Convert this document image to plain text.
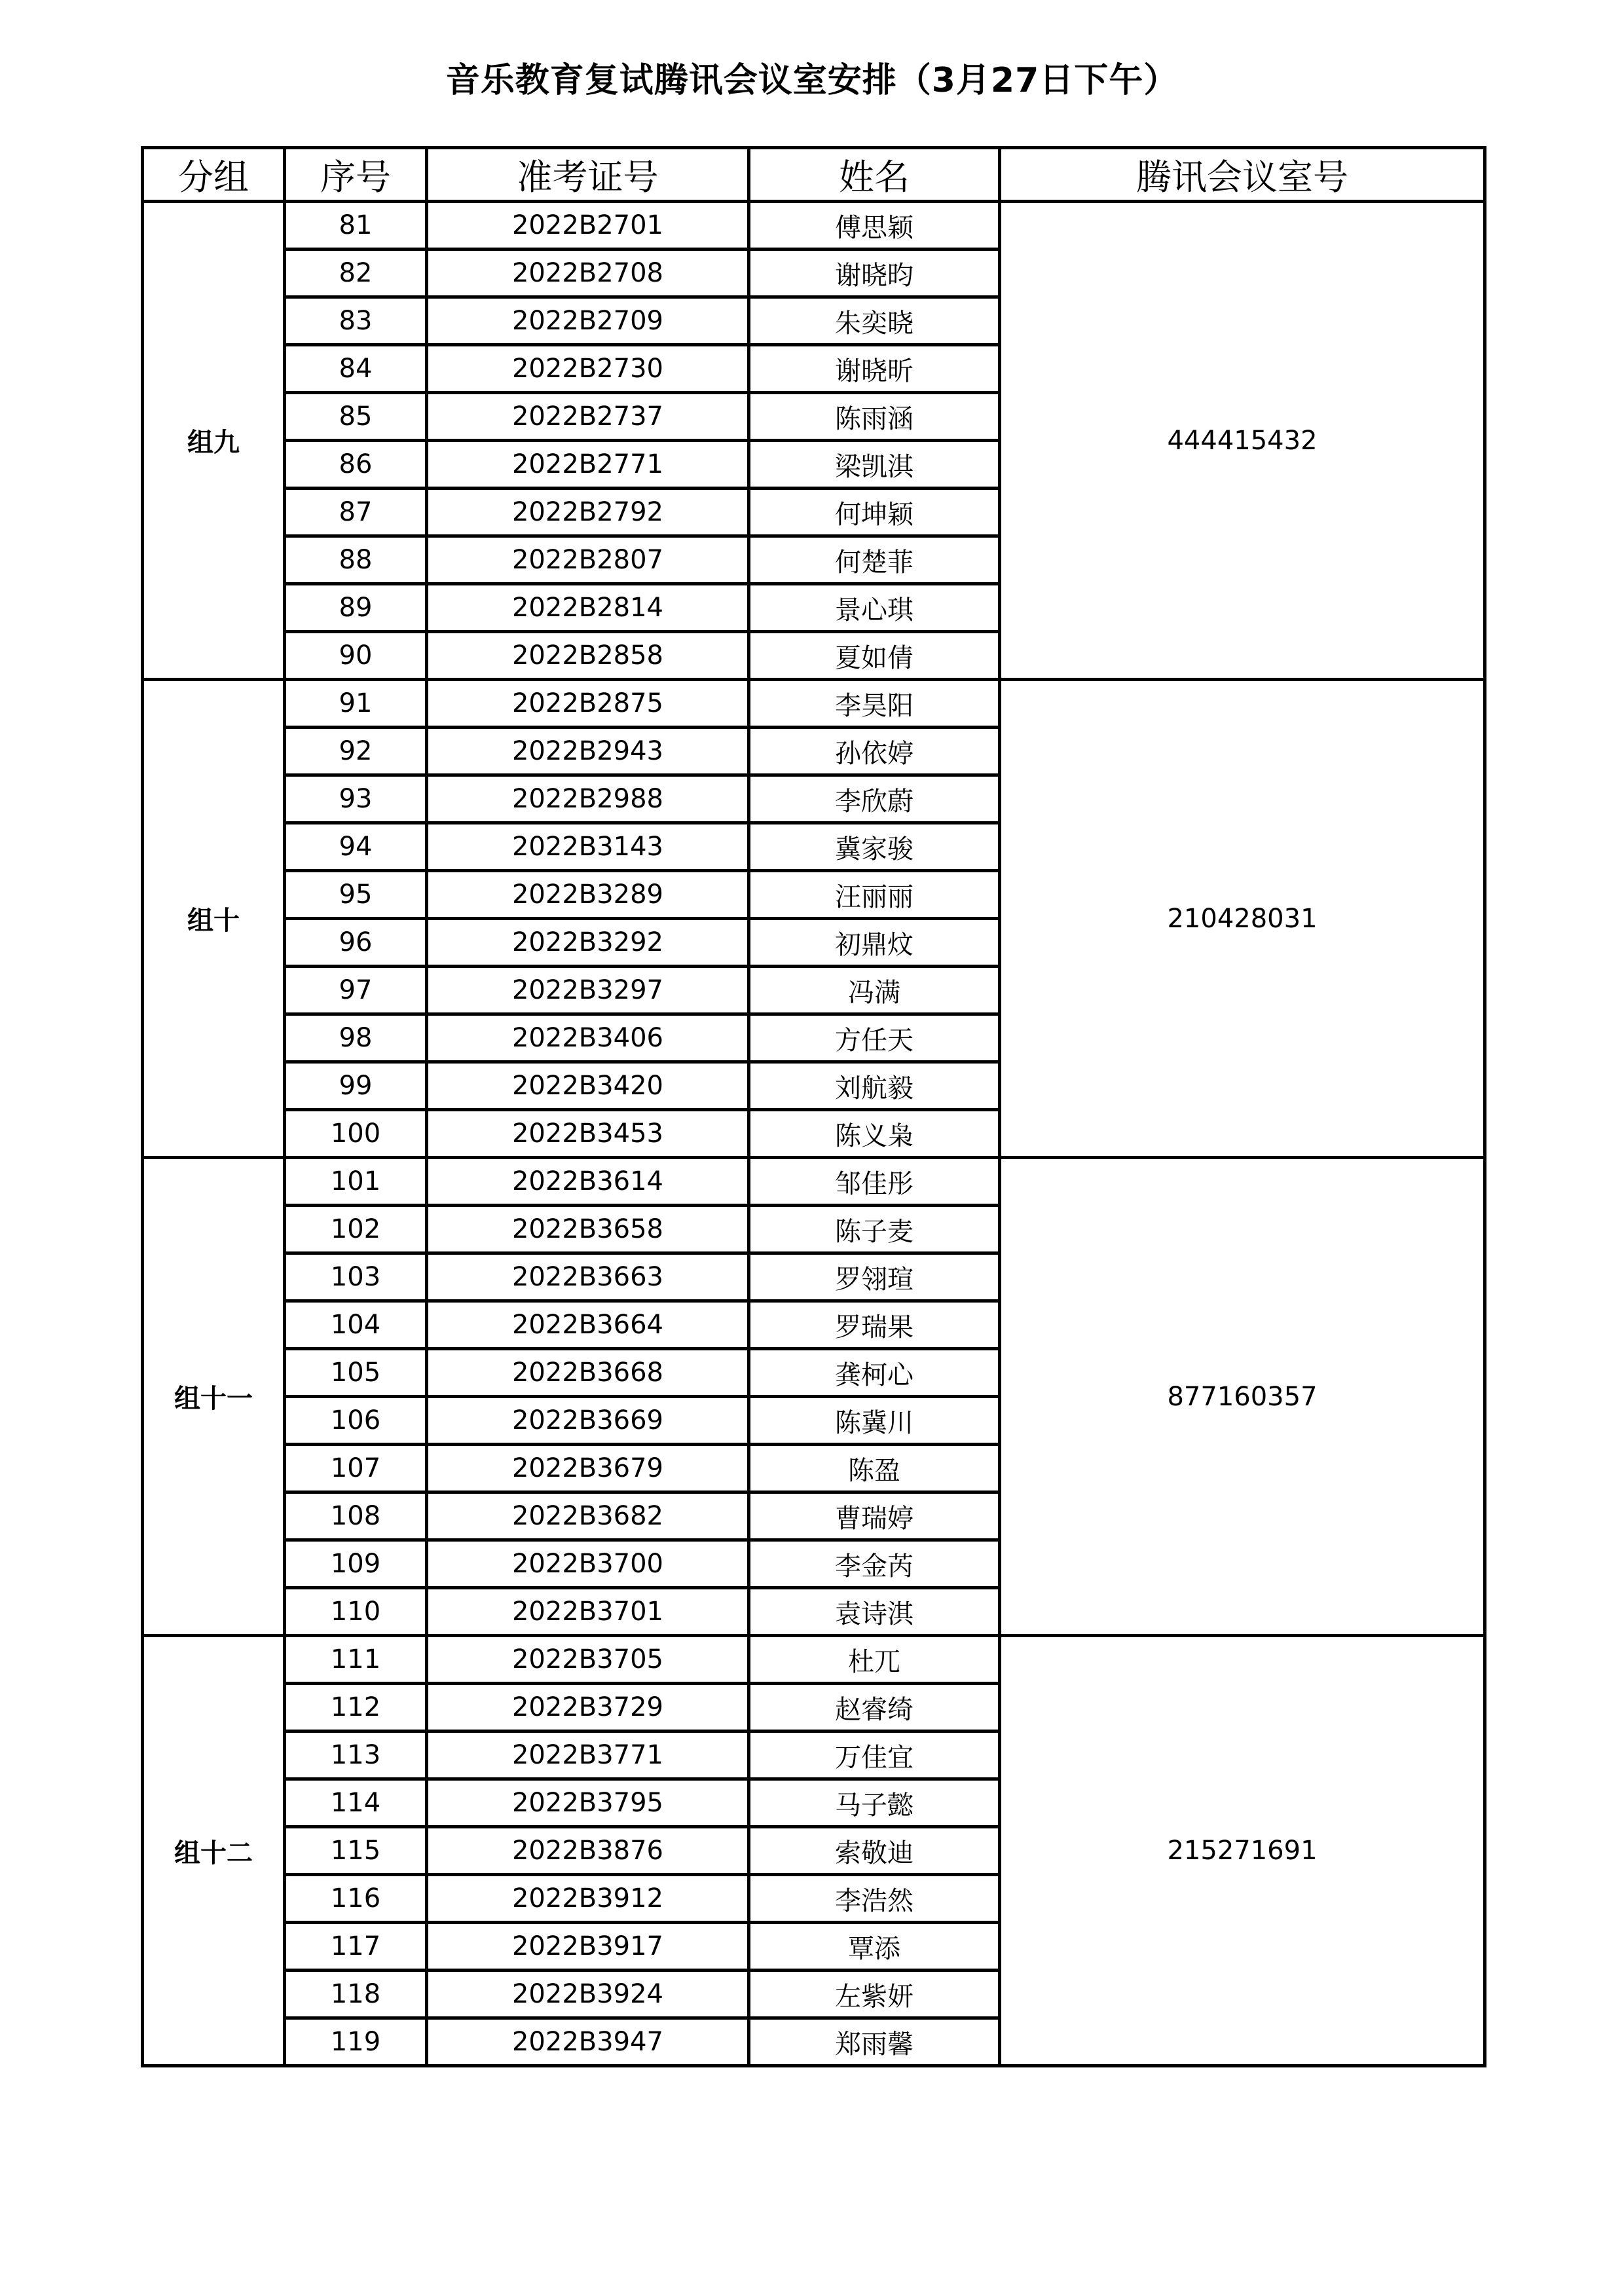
音乐教育复试腾讯会议室安排（3月27日下午）
分组	序号	准考证号	姓名	腾讯会议室号
组九	81	2022B2701	傅思颖	444415432
	82	2022B2708	谢晓昀	
	83	2022B2709	朱奕晓	
	84	2022B2730	谢晓昕	
	85	2022B2737	陈雨涵	
	86	2022B2771	梁凯淇	
	87	2022B2792	何坤颖	
	88	2022B2807	何楚菲	
	89	2022B2814	景心琪	
	90	2022B2858	夏如倩	
组十	91	2022B2875	李昊阳	210428031
	92	2022B2943	孙依婷	
	93	2022B2988	李欣蔚	
	94	2022B3143	冀家骏	
	95	2022B3289	汪丽丽	
	96	2022B3292	初鼎炆	
	97	2022B3297	冯满	
	98	2022B3406	方任天	
	99	2022B3420	刘航毅	
	100	2022B3453	陈义枭	
组十一	101	2022B3614	邹佳彤	877160357
	102	2022B3658	陈子麦	
	103	2022B3663	罗翎瑄	
	104	2022B3664	罗瑞果	
	105	2022B3668	龚柯心	
	106	2022B3669	陈冀川	
	107	2022B3679	陈盈	
	108	2022B3682	曹瑞婷	
	109	2022B3700	李金芮	
	110	2022B3701	袁诗淇	
组十二	111	2022B3705	杜兀	215271691
	112	2022B3729	赵睿绮	
	113	2022B3771	万佳宜	
	114	2022B3795	马子懿	
	115	2022B3876	索敬迪	
	116	2022B3912	李浩然	
	117	2022B3917	覃添	
	118	2022B3924	左紫妍	
	119	2022B3947	郑雨馨	
